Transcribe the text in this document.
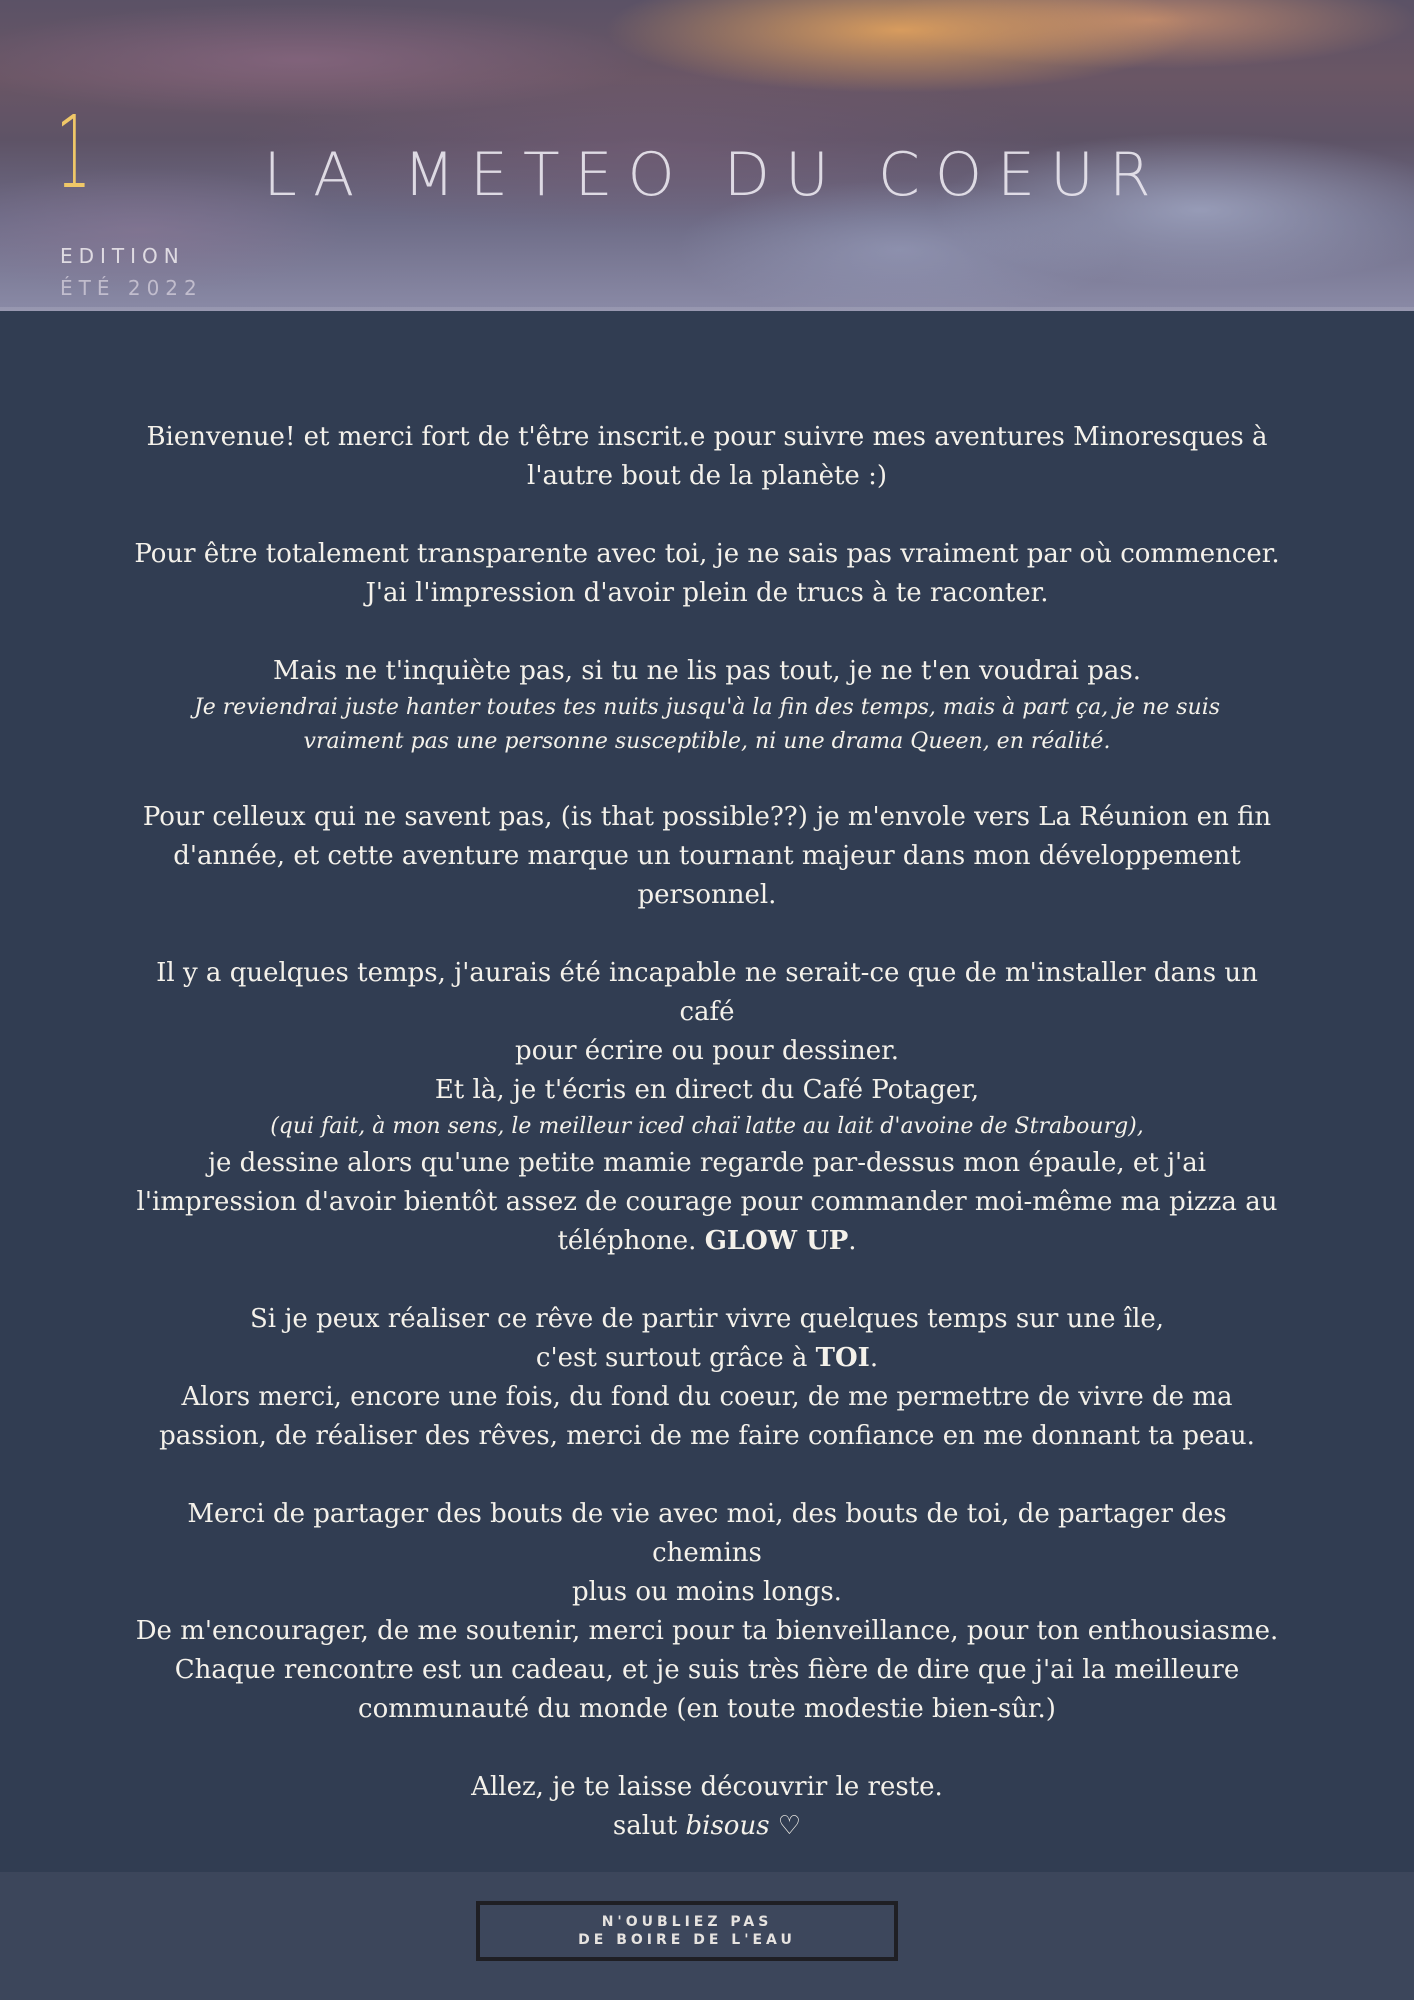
1	LA METEO DU COEUR
EDITION
ÉTÉ 2022

Bienvenue! et merci fort de t'être inscrit.e pour suivre mes aventures Minoresques à
l'autre bout de la planète :)

Pour être totalement transparente avec toi, je ne sais pas vraiment par où commencer.
J'ai l'impression d'avoir plein de trucs à te raconter.

Mais ne t'inquiète pas, si tu ne lis pas tout, je ne t'en voudrai pas.
Je reviendrai juste hanter toutes tes nuits jusqu'à la fin des temps, mais à part ça, je ne suis
vraiment pas une personne susceptible, ni une drama Queen, en réalité.

Pour celleux qui ne savent pas, (is that possible??) je m'envole vers La Réunion en fin
d'année, et cette aventure marque un tournant majeur dans mon développement
personnel.

Il y a quelques temps, j'aurais été incapable ne serait-ce que de m'installer dans un café
pour écrire ou pour dessiner.
Et là, je t'écris en direct du Café Potager,
(qui fait, à mon sens, le meilleur iced chaï latte au lait d'avoine de Strabourg),
je dessine alors qu'une petite mamie regarde par-dessus mon épaule, et j'ai
l'impression d'avoir bientôt assez de courage pour commander moi-même ma pizza au
téléphone. GLOW UP.

Si je peux réaliser ce rêve de partir vivre quelques temps sur une île,
c'est surtout grâce à TOI.
Alors merci, encore une fois, du fond du coeur, de me permettre de vivre de ma
passion, de réaliser des rêves, merci de me faire confiance en me donnant ta peau.

Merci de partager des bouts de vie avec moi, des bouts de toi, de partager des chemins
plus ou moins longs.
De m'encourager, de me soutenir, merci pour ta bienveillance, pour ton enthousiasme.
Chaque rencontre est un cadeau, et je suis très fière de dire que j'ai la meilleure
communauté du monde (en toute modestie bien-sûr.)

Allez, je te laisse découvrir le reste.
salut bisous ♡

N'OUBLIEZ PAS
DE BOIRE DE L'EAU
